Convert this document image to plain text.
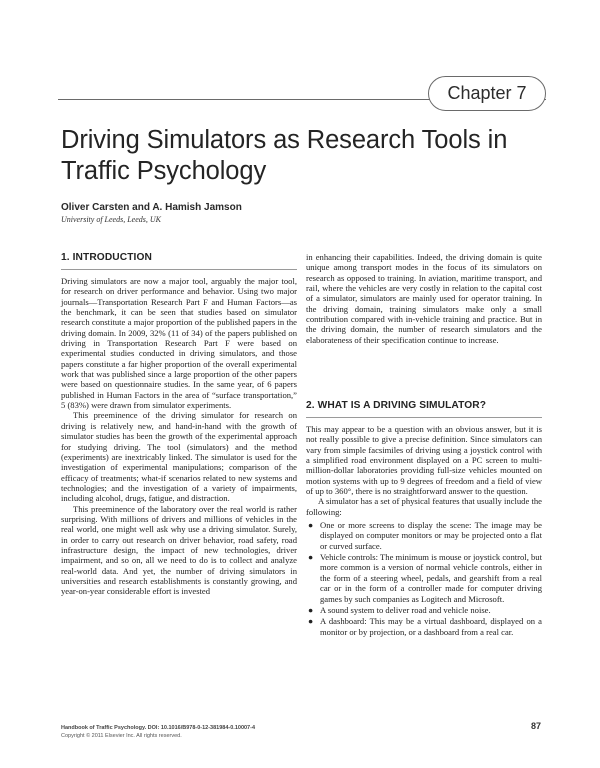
Chapter 7
Driving Simulators as Research Tools in Traffic Psychology
Oliver Carsten and A. Hamish Jamson
University of Leeds, Leeds, UK
1. INTRODUCTION

Driving simulators are now a major tool, arguably the major tool, for research on driver performance and behavior. Using two major journals—Transportation Research Part F and Human Factors—as the benchmark, it can be seen that studies based on simulator research constitute a major proportion of the published papers in the driving domain. In 2009, 32% (11 of 34) of the papers published on driving in Transportation Research Part F were based on experimental studies conducted in driving simulators, and those papers constitute a far higher proportion of the overall experimental work that was published since a large proportion of the other papers were based on questionnaire studies. In the same year, of 6 papers published in Human Factors in the area of “surface transportation,” 5 (83%) were drawn from simulator experiments.

This preeminence of the driving simulator for research on driving is relatively new, and hand-in-hand with the growth of simulator studies has been the growth of the experimental approach for studying driving. The tool (simulators) and the method (experiments) are inextricably linked. The simulator is used for the investigation of experimental manipulations; comparison of the efficacy of treatments; what-if scenarios related to new systems and technologies; and the investigation of a variety of impairments, including alcohol, drugs, fatigue, and distraction.

This preeminence of the laboratory over the real world is rather surprising. With millions of drivers and millions of vehicles in the real world, one might well ask why use a driving simulator. Surely, in order to carry out research on driver behavior, road safety, road infrastructure design, the impact of new technologies, driver impairment, and so on, all we need to do is to collect and analyze real-world data. And yet, the number of driving simulators in universities and research establishments is constantly growing, and year-on-year considerable effort is invested

in enhancing their capabilities. Indeed, the driving domain is quite unique among transport modes in the focus of its simulators on research as opposed to training. In aviation, maritime transport, and rail, where the vehicles are very costly in relation to the capital cost of a simulator, simulators are mainly used for operator training. In the driving domain, training simulators make only a small contribution compared with in-vehicle training and practice. But in the driving domain, the number of research simulators and the elaborateness of their specification continue to increase.

2. WHAT IS A DRIVING SIMULATOR?

This may appear to be a question with an obvious answer, but it is not really possible to give a precise definition. Since simulators can vary from simple facsimiles of driving using a joystick control with a simplified road environment displayed on a PC screen to multi-million-dollar laboratories providing full-size vehicles mounted on motion systems with up to 9 degrees of freedom and a field of view of up to 360°, there is no straightforward answer to the question.

A simulator has a set of physical features that usually include the following:

● One or more screens to display the scene: The image may be displayed on computer monitors or may be projected onto a flat or curved surface.
● Vehicle controls: The minimum is mouse or joystick control, but more common is a version of normal vehicle controls, either in the form of a steering wheel, pedals, and gearshift from a real car or in the form of a controller made for computer driving games by such companies as Logitech and Microsoft.
● A sound system to deliver road and vehicle noise.
● A dashboard: This may be a virtual dashboard, displayed on a monitor or by projection, or a dashboard from a real car.
Handbook of Traffic Psychology. DOI: 10.1016/B978-0-12-381984-0.10007-4
Copyright © 2011 Elsevier Inc. All rights reserved.
87
